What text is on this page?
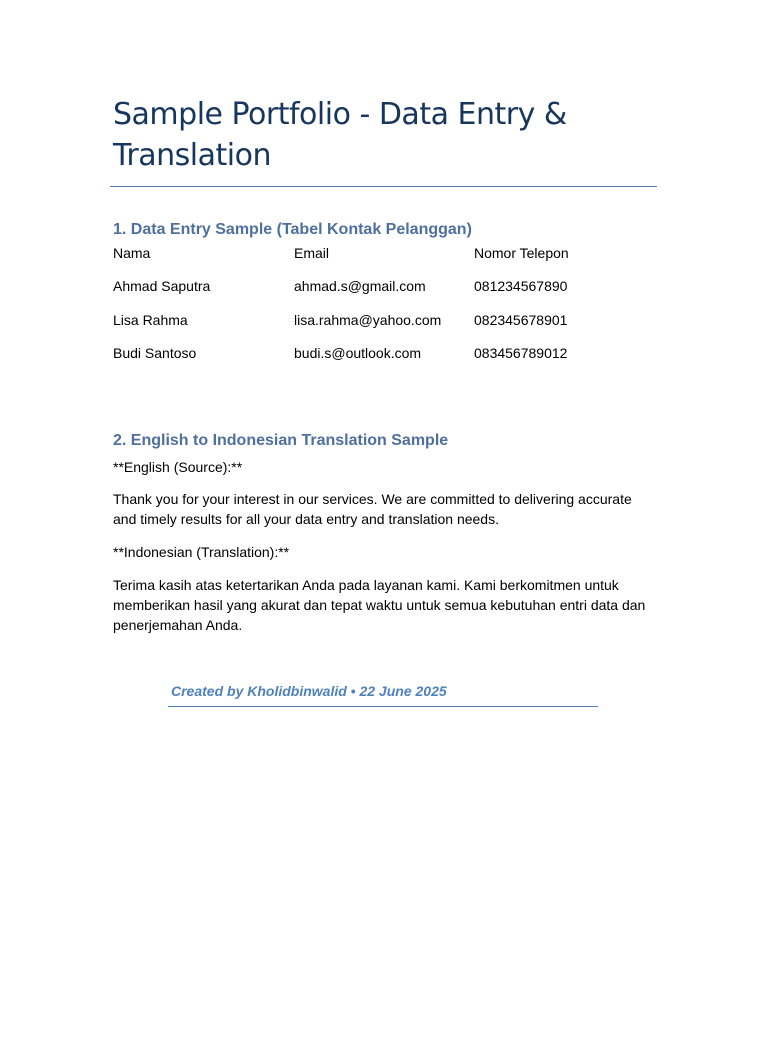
Sample Portfolio - Data Entry & Translation
1. Data Entry Sample (Tabel Kontak Pelanggan)
Nama	Email	Nomor Telepon
Ahmad Saputra	ahmad.s@gmail.com	081234567890
Lisa Rahma	lisa.rahma@yahoo.com	082345678901
Budi Santoso	budi.s@outlook.com	083456789012
2. English to Indonesian Translation Sample

**English (Source):**

Thank you for your interest in our services. We are committed to delivering accurate and timely results for all your data entry and translation needs.

**Indonesian (Translation):**

Terima kasih atas ketertarikan Anda pada layanan kami. Kami berkomitmen untuk memberikan hasil yang akurat dan tepat waktu untuk semua kebutuhan entri data dan penerjemahan Anda.

Created by Kholidbinwalid • 22 June 2025
